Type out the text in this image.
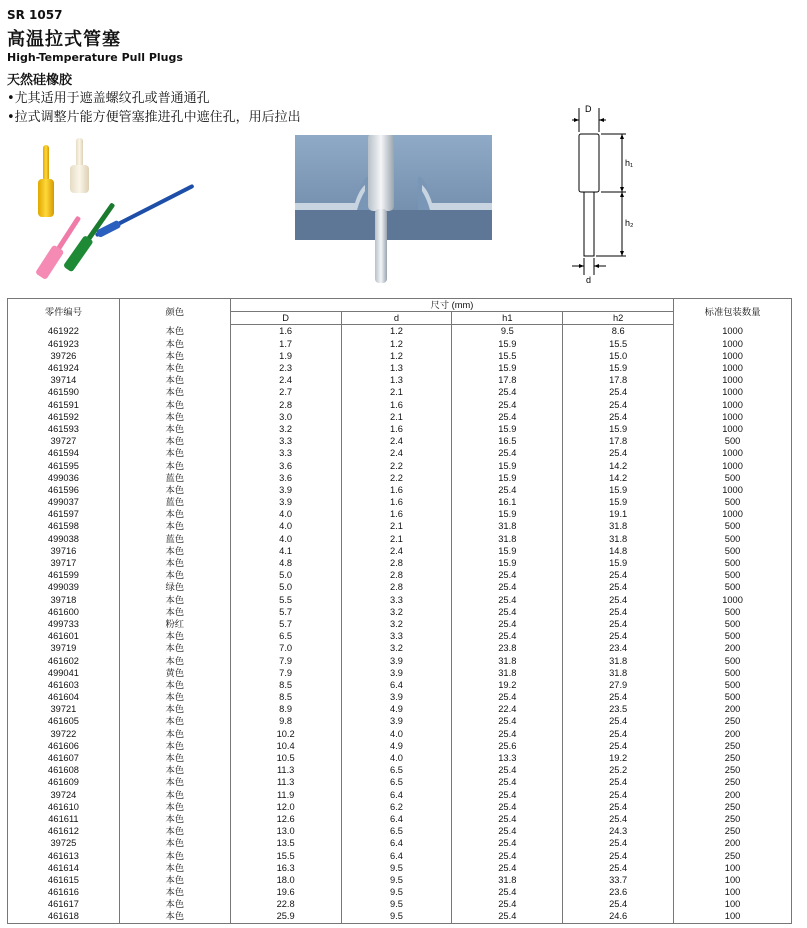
SR 1057
高温拉式管塞
High-Temperature Pull Plugs
天然硅橡胶
• 尤其适用于遮盖螺纹孔或普通通孔
• 拉式调整片能方便管塞推进孔中遮住孔，用后拉出
D
h₁
h₂
d
零件编号	颜色	尺寸 (mm)				标准包装数量
		D	d	h1	h2	
461922	本色	1.6	1.2	9.5	8.6	1000
461923	本色	1.7	1.2	15.9	15.5	1000
39726	本色	1.9	1.2	15.5	15.0	1000
461924	本色	2.3	1.3	15.9	15.9	1000
39714	本色	2.4	1.3	17.8	17.8	1000
461590	本色	2.7	2.1	25.4	25.4	1000
461591	本色	2.8	1.6	25.4	25.4	1000
461592	本色	3.0	2.1	25.4	25.4	1000
461593	本色	3.2	1.6	15.9	15.9	1000
39727	本色	3.3	2.4	16.5	17.8	500
461594	本色	3.3	2.4	25.4	25.4	1000
461595	本色	3.6	2.2	15.9	14.2	1000
499036	蓝色	3.6	2.2	15.9	14.2	500
461596	本色	3.9	1.6	25.4	15.9	1000
499037	蓝色	3.9	1.6	16.1	15.9	500
461597	本色	4.0	1.6	15.9	19.1	1000
461598	本色	4.0	2.1	31.8	31.8	500
499038	蓝色	4.0	2.1	31.8	31.8	500
39716	本色	4.1	2.4	15.9	14.8	500
39717	本色	4.8	2.8	15.9	15.9	500
461599	本色	5.0	2.8	25.4	25.4	500
499039	绿色	5.0	2.8	25.4	25.4	500
39718	本色	5.5	3.3	25.4	25.4	1000
461600	本色	5.7	3.2	25.4	25.4	500
499733	粉红	5.7	3.2	25.4	25.4	500
461601	本色	6.5	3.3	25.4	25.4	500
39719	本色	7.0	3.2	23.8	23.4	200
461602	本色	7.9	3.9	31.8	31.8	500
499041	黄色	7.9	3.9	31.8	31.8	500
461603	本色	8.5	6.4	19.2	27.9	500
461604	本色	8.5	3.9	25.4	25.4	500
39721	本色	8.9	4.9	22.4	23.5	200
461605	本色	9.8	3.9	25.4	25.4	250
39722	本色	10.2	4.0	25.4	25.4	200
461606	本色	10.4	4.9	25.6	25.4	250
461607	本色	10.5	4.0	13.3	19.2	250
461608	本色	11.3	6.5	25.4	25.2	250
461609	本色	11.3	6.5	25.4	25.4	250
39724	本色	11.9	6.4	25.4	25.4	200
461610	本色	12.0	6.2	25.4	25.4	250
461611	本色	12.6	6.4	25.4	25.4	250
461612	本色	13.0	6.5	25.4	24.3	250
39725	本色	13.5	6.4	25.4	25.4	200
461613	本色	15.5	6.4	25.4	25.4	250
461614	本色	16.3	9.5	25.4	25.4	100
461615	本色	18.0	9.5	31.8	33.7	100
461616	本色	19.6	9.5	25.4	23.6	100
461617	本色	22.8	9.5	25.4	25.4	100
461618	本色	25.9	9.5	25.4	24.6	100
